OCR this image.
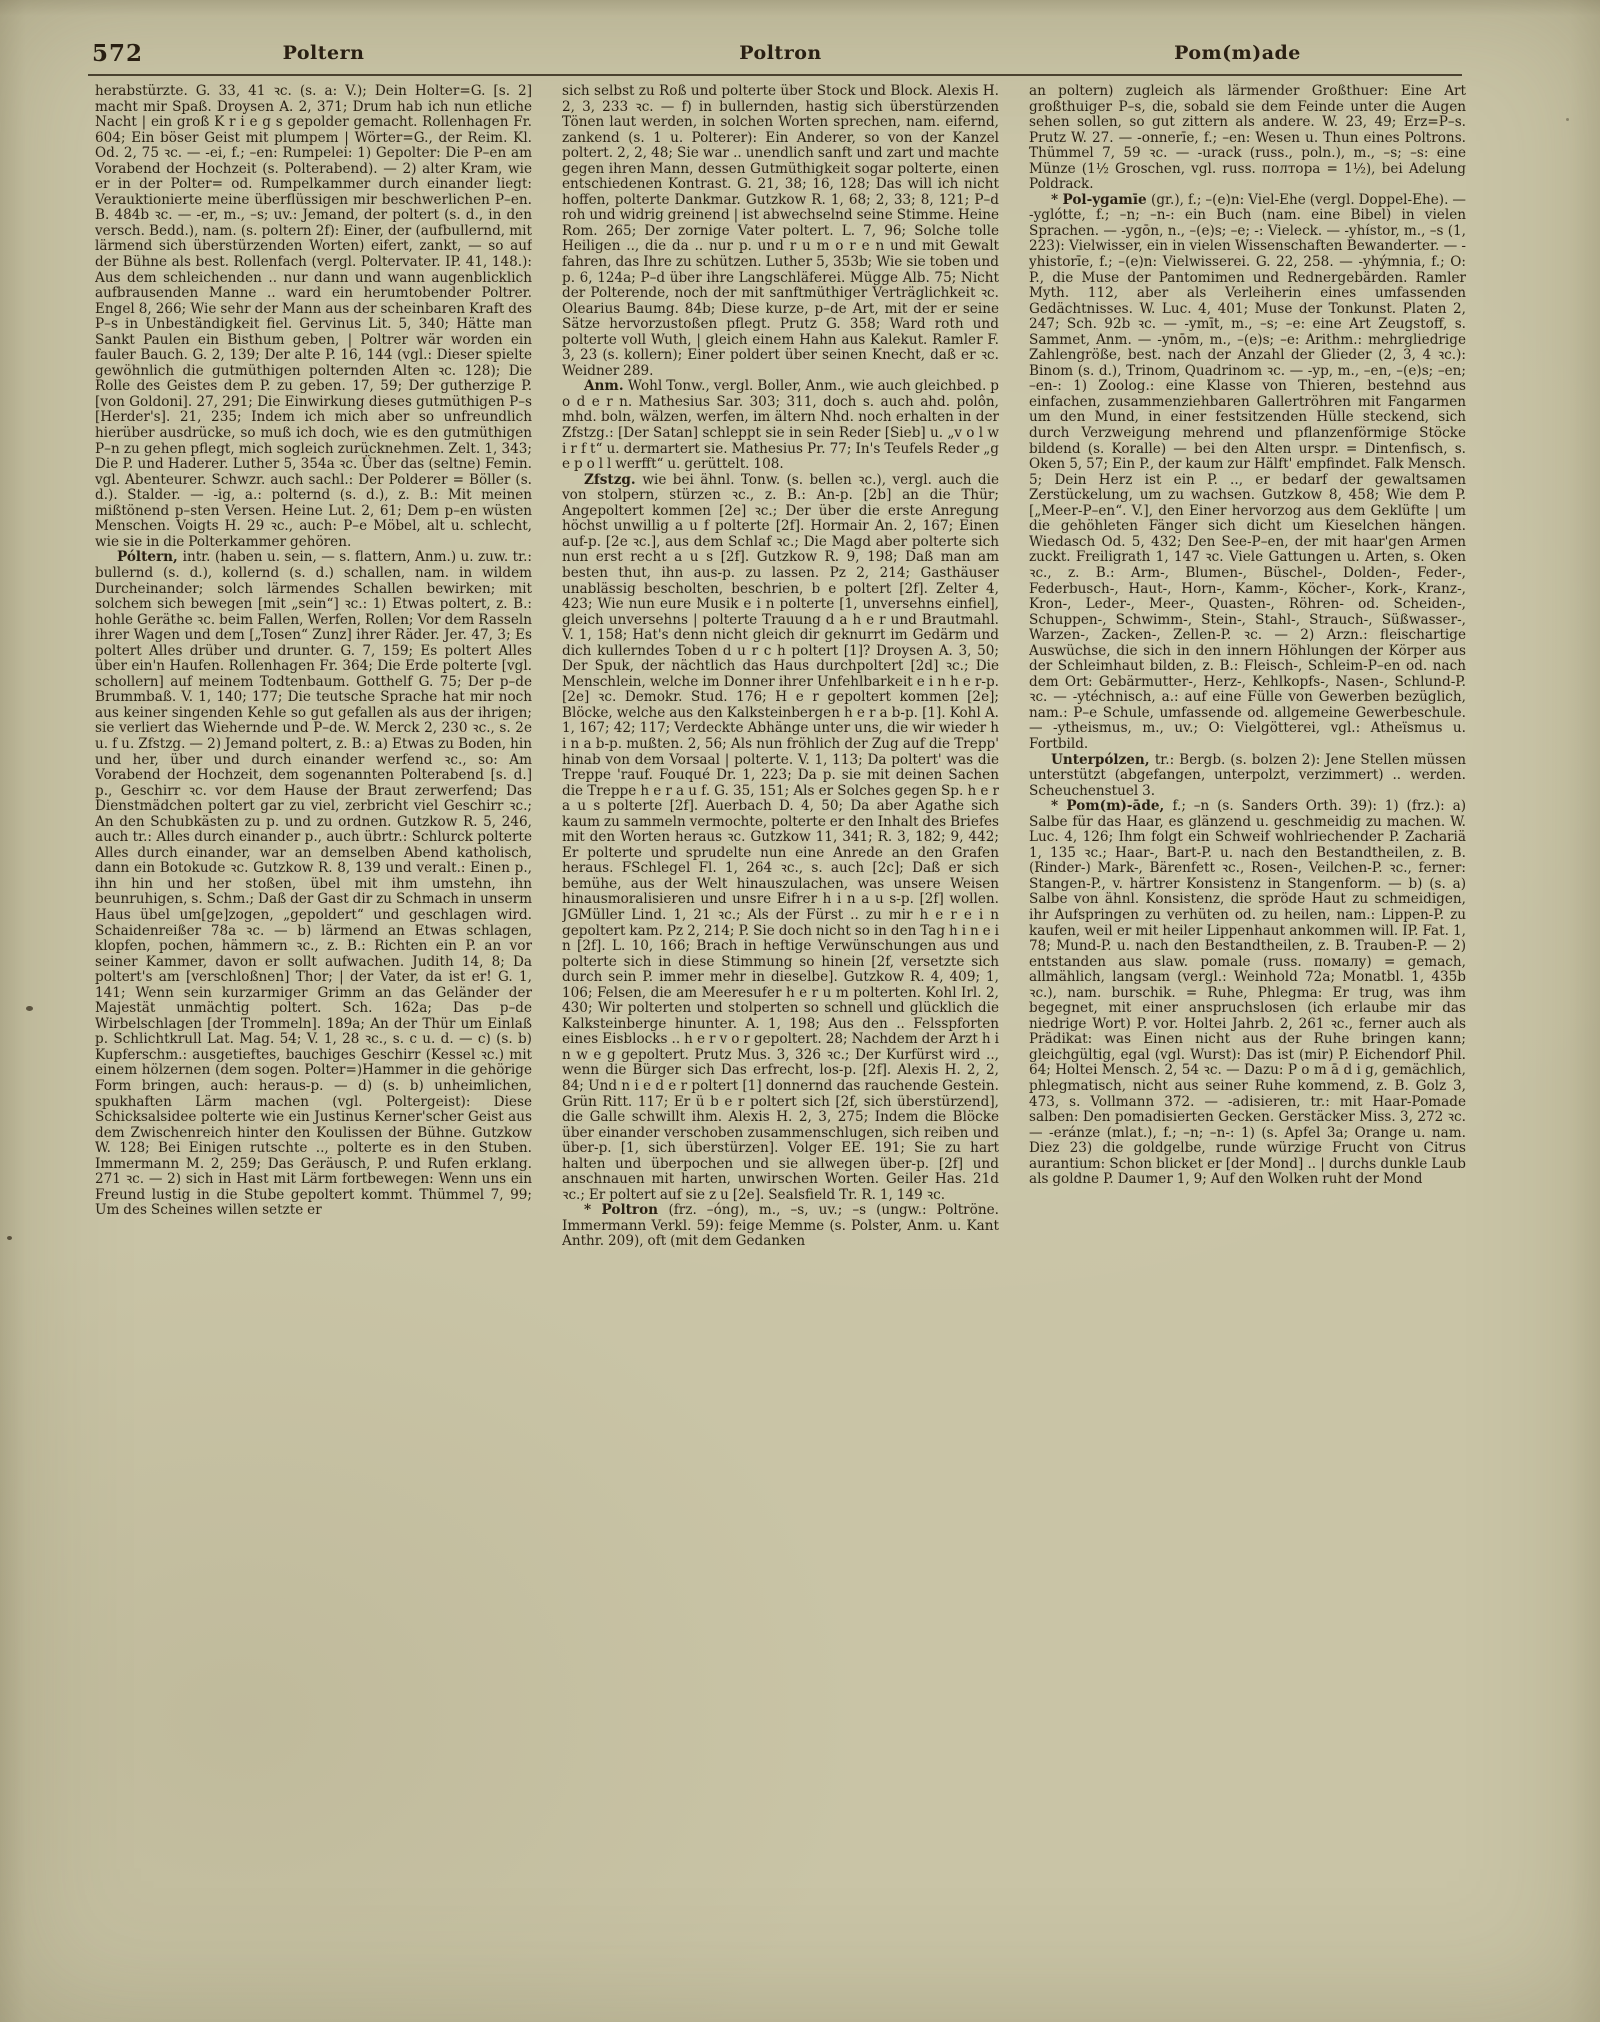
572	Poltern	Poltron	Pom(m)ade

herabstürzte. G. 33, 41 ꝛc. (s. a: V.); Dein Holter=G. [s. 2] macht mir Spaß. Droysen A. 2, 371; Drum hab ich nun etliche Nacht | ein groß K r i e g s gepolder gemacht. Rollenhagen Fr. 604; Ein böser Geist mit plumpem | Wörter=G., der Reim. Kl. Od. 2, 75 ꝛc. — -ei, f.; –en: Rumpelei: 1) Gepolter: Die P–en am Vorabend der Hochzeit (s. Polterabend). — 2) alter Kram, wie er in der Polter= od. Rumpelkammer durch einander liegt: Verauktionierte meine überflüssigen mir beschwerlichen P–en. B. 484b ꝛc. — -er, m., –s; uv.: Jemand, der poltert (s. d., in den versch. Bedd.), nam. (s. poltern 2f): Einer, der (aufbullernd, mit lärmend sich überstürzenden Worten) eifert, zankt, — so auf der Bühne als best. Rollenfach (vergl. Poltervater. IP. 41, 148.): Aus dem schleichenden .. nur dann und wann augenblicklich aufbrausenden Manne .. ward ein herumtobender Poltrer. Engel 8, 266; Wie sehr der Mann aus der scheinbaren Kraft des P–s in Unbeständigkeit fiel. Gervinus Lit. 5, 340; Hätte man Sankt Paulen ein Bisthum geben, | Poltrer wär worden ein fauler Bauch. G. 2, 139; Der alte P. 16, 144 (vgl.: Dieser spielte gewöhnlich die gutmüthigen polternden Alten ꝛc. 128); Die Rolle des Geistes dem P. zu geben. 17, 59; Der gutherzige P. [von Goldoni]. 27, 291; Die Einwirkung dieses gutmüthigen P–s [Herder's]. 21, 235; Indem ich mich aber so unfreundlich hierüber ausdrücke, so muß ich doch, wie es den gutmüthigen P–n zu gehen pflegt, mich sogleich zurücknehmen. Zelt. 1, 343; Die P. und Haderer. Luther 5, 354a ꝛc. Über das (seltne) Femin. vgl. Abenteurer. Schwzr. auch sachl.: Der Polderer = Böller (s. d.). Stalder. — -ig, a.: polternd (s. d.), z. B.: Mit meinen mißtönend p–sten Versen. Heine Lut. 2, 61; Dem p–en wüsten Menschen. Voigts H. 29 ꝛc., auch: P–e Möbel, alt u. schlecht, wie sie in die Polterkammer gehören.

Póltern, intr. (haben u. sein, — s. flattern, Anm.) u. zuw. tr.: bullernd (s. d.), kollernd (s. d.) schallen, nam. in wildem Durcheinander; solch lärmendes Schallen bewirken; mit solchem sich bewegen [mit „sein“] ꝛc.: 1) Etwas poltert, z. B.: hohle Geräthe ꝛc. beim Fallen, Werfen, Rollen; Vor dem Rasseln ihrer Wagen und dem [„Tosen“ Zunz] ihrer Räder. Jer. 47, 3; Es poltert Alles drüber und drunter. G. 7, 159; Es poltert Alles über ein'n Haufen. Rollenhagen Fr. 364; Die Erde polterte [vgl. schollern] auf meinem Todtenbaum. Gotthelf G. 75; Der p–de Brummbaß. V. 1, 140; 177; Die teutsche Sprache hat mir noch aus keiner singenden Kehle so gut gefallen als aus der ihrigen; sie verliert das Wiehernde und P–de. W. Merck 2, 230 ꝛc., s. 2e u. f u. Zfstzg. — 2) Jemand poltert, z. B.: a) Etwas zu Boden, hin und her, über und durch einander werfend ꝛc., so: Am Vorabend der Hochzeit, dem sogenannten Polterabend [s. d.] p., Geschirr ꝛc. vor dem Hause der Braut zerwerfend; Das Dienstmädchen poltert gar zu viel, zerbricht viel Geschirr ꝛc.; An den Schubkästen zu p. und zu ordnen. Gutzkow R. 5, 246, auch tr.: Alles durch einander p., auch übrtr.: Schlurck polterte Alles durch einander, war an demselben Abend katholisch, dann ein Botokude ꝛc. Gutzkow R. 8, 139 und veralt.: Einen p., ihn hin und her stoßen, übel mit ihm umstehn, ihn beunruhigen, s. Schm.; Daß der Gast dir zu Schmach in unserm Haus übel um[ge]zogen, „gepoldert“ und geschlagen wird. Schaidenreißer 78a ꝛc. — b) lärmend an Etwas schlagen, klopfen, pochen, hämmern ꝛc., z. B.: Richten ein P. an vor seiner Kammer, davon er sollt aufwachen. Judith 14, 8; Da poltert's am [verschloßnen] Thor; | der Vater, da ist er! G. 1, 141; Wenn sein kurzarmiger Grimm an das Geländer der Majestät unmächtig poltert. Sch. 162a; Das p–de Wirbelschlagen [der Trommeln]. 189a; An der Thür um Einlaß p. Schlichtkrull Lat. Mag. 54; V. 1, 28 ꝛc., s. c u. d. — c) (s. b) Kupferschm.: ausgetieftes, bauchiges Geschirr (Kessel ꝛc.) mit einem hölzernen (dem sogen. Polter=)Hammer in die gehörige Form bringen, auch: heraus-p. — d) (s. b) unheimlichen, spukhaften Lärm machen (vgl. Poltergeist): Diese Schicksalsidee polterte wie ein Justinus Kerner'scher Geist aus dem Zwischenreich hinter den Koulissen der Bühne. Gutzkow W. 128; Bei Einigen rutschte .., polterte es in den Stuben. Immermann M. 2, 259; Das Geräusch, P. und Rufen erklang. 271 ꝛc. — 2) sich in Hast mit Lärm fortbewegen: Wenn uns ein Freund lustig in die Stube gepoltert kommt. Thümmel 7, 99; Um des Scheines willen setzte er

sich selbst zu Roß und polterte über Stock und Block. Alexis H. 2, 3, 233 ꝛc. — f) in bullernden, hastig sich überstürzenden Tönen laut werden, in solchen Worten sprechen, nam. eifernd, zankend (s. 1 u. Polterer): Ein Anderer, so von der Kanzel poltert. 2, 2, 48; Sie war .. unendlich sanft und zart und machte gegen ihren Mann, dessen Gutmüthigkeit sogar polterte, einen entschiedenen Kontrast. G. 21, 38; 16, 128; Das will ich nicht hoffen, polterte Dankmar. Gutzkow R. 1, 68; 2, 33; 8, 121; P–d roh und widrig greinend | ist abwechselnd seine Stimme. Heine Rom. 265; Der zornige Vater poltert. L. 7, 96; Solche tolle Heiligen .., die da .. nur p. und r u m o r e n und mit Gewalt fahren, das Ihre zu schützen. Luther 5, 353b; Wie sie toben und p. 6, 124a; P–d über ihre Langschläferei. Mügge Alb. 75; Nicht der Polterende, noch der mit sanftmüthiger Verträglichkeit ꝛc. Olearius Baumg. 84b; Diese kurze, p–de Art, mit der er seine Sätze hervorzustoßen pflegt. Prutz G. 358; Ward roth und polterte voll Wuth, | gleich einem Hahn aus Kalekut. Ramler F. 3, 23 (s. kollern); Einer poldert über seinen Knecht, daß er ꝛc. Weidner 289.

Anm. Wohl Tonw., vergl. Boller, Anm., wie auch gleichbed. p o d e r n. Mathesius Sar. 303; 311, doch s. auch ahd. polôn, mhd. boln, wälzen, werfen, im ältern Nhd. noch erhalten in der Zfstzg.: [Der Satan] schleppt sie in sein Reder [Sieb] u. „v o l w i r f t“ u. dermartert sie. Mathesius Pr. 77; In's Teufels Reder „g e p o l l werfft“ u. gerüttelt. 108.

Zfstzg. wie bei ähnl. Tonw. (s. bellen ꝛc.), vergl. auch die von stolpern, stürzen ꝛc., z. B.: An-p. [2b] an die Thür; Angepoltert kommen [2e] ꝛc.; Der über die erste Anregung höchst unwillig a u f polterte [2f]. Hormair An. 2, 167; Einen auf-p. [2e ꝛc.], aus dem Schlaf ꝛc.; Die Magd aber polterte sich nun erst recht a u s [2f]. Gutzkow R. 9, 198; Daß man am besten thut, ihn aus-p. zu lassen. Pz 2, 214; Gasthäuser unablässig bescholten, beschrien, b e poltert [2f]. Zelter 4, 423; Wie nun eure Musik e i n polterte [1, unversehns einfiel], gleich unversehns | polterte Trauung d a h e r und Brautmahl. V. 1, 158; Hat's denn nicht gleich dir geknurrt im Gedärm und dich kullerndes Toben d u r c h poltert [1]? Droysen A. 3, 50; Der Spuk, der nächtlich das Haus durchpoltert [2d] ꝛc.; Die Menschlein, welche im Donner ihrer Unfehlbarkeit e i n h e r-p. [2e] ꝛc. Demokr. Stud. 176; H e r gepoltert kommen [2e]; Blöcke, welche aus den Kalksteinbergen h e r a b-p. [1]. Kohl A. 1, 167; 42; 117; Verdeckte Abhänge unter uns, die wir wieder h i n a b-p. mußten. 2, 56; Als nun fröhlich der Zug auf die Trepp' hinab von dem Vorsaal | polterte. V. 1, 113; Da poltert' was die Treppe 'rauf. Fouqué Dr. 1, 223; Da p. sie mit deinen Sachen die Treppe h e r a u f. G. 35, 151; Als er Solches gegen Sp. h e r a u s polterte [2f]. Auerbach D. 4, 50; Da aber Agathe sich kaum zu sammeln vermochte, polterte er den Inhalt des Briefes mit den Worten heraus ꝛc. Gutzkow 11, 341; R. 3, 182; 9, 442; Er polterte und sprudelte nun eine Anrede an den Grafen heraus. FSchlegel Fl. 1, 264 ꝛc., s. auch [2c]; Daß er sich bemühe, aus der Welt hinauszulachen, was unsere Weisen hinausmoralisieren und unsre Eifrer h i n a u s-p. [2f] wollen. JGMüller Lind. 1, 21 ꝛc.; Als der Fürst .. zu mir h e r e i n gepoltert kam. Pz 2, 214; P. Sie doch nicht so in den Tag h i n e i n [2f]. L. 10, 166; Brach in heftige Verwünschungen aus und polterte sich in diese Stimmung so hinein [2f, versetzte sich durch sein P. immer mehr in dieselbe]. Gutzkow R. 4, 409; 1, 106; Felsen, die am Meeresufer h e r u m polterten. Kohl Irl. 2, 430; Wir polterten und stolperten so schnell und glücklich die Kalksteinberge hinunter. A. 1, 198; Aus den .. Felsspforten eines Eisblocks .. h e r v o r gepoltert. 28; Nachdem der Arzt h i n w e g gepoltert. Prutz Mus. 3, 326 ꝛc.; Der Kurfürst wird .., wenn die Bürger sich Das erfrecht, los-p. [2f]. Alexis H. 2, 2, 84; Und n i e d e r poltert [1] donnernd das rauchende Gestein. Grün Ritt. 117; Er ü b e r poltert sich [2f, sich überstürzend], die Galle schwillt ihm. Alexis H. 2, 3, 275; Indem die Blöcke über einander verschoben zusammenschlugen, sich reiben und über-p. [1, sich überstürzen]. Volger EE. 191; Sie zu hart halten und überpochen und sie allwegen über-p. [2f] und anschnauen mit harten, unwirschen Worten. Geiler Has. 21d ꝛc.; Er poltert auf sie z u [2e]. Sealsfield Tr. R. 1, 149 ꝛc.

* Poltron (frz. –óng), m., –s, uv.; –s (ungw.: Poltröne. Immermann Verkl. 59): feige Memme (s. Polster, Anm. u. Kant Anthr. 209), oft (mit dem Gedanken

an poltern) zugleich als lärmender Großthuer: Eine Art großthuiger P–s, die, sobald sie dem Feinde unter die Augen sehen sollen, so gut zittern als andere. W. 23, 49; Erz=P–s. Prutz W. 27. — -onnerīe, f.; –en: Wesen u. Thun eines Poltrons. Thümmel 7, 59 ꝛc. — -urack (russ., poln.), m., –s; –s: eine Münze (1½ Groschen, vgl. russ. полтора = 1½), bei Adelung Poldrack.

* Pol-ygamīe (gr.), f.; –(e)n: Viel-Ehe (vergl. Doppel-Ehe). — -yglótte, f.; –n; –n-: ein Buch (nam. eine Bibel) in vielen Sprachen. — -ygōn, n., –(e)s; –e; -: Vieleck. — -yhístor, m., –s (1, 223): Vielwisser, ein in vielen Wissenschaften Bewanderter. — -yhistorīe, f.; –(e)n: Vielwisserei. G. 22, 258. — -yhýmnia, f.; O: P., die Muse der Pantomimen und Rednergebärden. Ramler Myth. 112, aber als Verleiherin eines umfassenden Gedächtnisses. W. Luc. 4, 401; Muse der Tonkunst. Platen 2, 247; Sch. 92b ꝛc. — -ymīt, m., –s; –e: eine Art Zeugstoff, s. Sammet, Anm. — -ynōm, m., –(e)s; –e: Arithm.: mehrgliedrige Zahlengröße, best. nach der Anzahl der Glieder (2, 3, 4 ꝛc.): Binom (s. d.), Trinom, Quadrinom ꝛc. — -yp, m., –en, –(e)s; –en; –en-: 1) Zoolog.: eine Klasse von Thieren, bestehnd aus einfachen, zusammenziehbaren Gallertröhren mit Fangarmen um den Mund, in einer festsitzenden Hülle steckend, sich durch Verzweigung mehrend und pflanzenförmige Stöcke bildend (s. Koralle) — bei den Alten urspr. = Dintenfisch, s. Oken 5, 57; Ein P., der kaum zur Hälft' empfindet. Falk Mensch. 5; Dein Herz ist ein P. .., er bedarf der gewaltsamen Zerstückelung, um zu wachsen. Gutzkow 8, 458; Wie dem P. [„Meer-P–en“. V.], den Einer hervorzog aus dem Geklüfte | um die gehöhleten Fänger sich dicht um Kieselchen hängen. Wiedasch Od. 5, 432; Den See-P–en, der mit haar'gen Armen zuckt. Freiligrath 1, 147 ꝛc. Viele Gattungen u. Arten, s. Oken ꝛc., z. B.: Arm-, Blumen-, Büschel-, Dolden-, Feder-, Federbusch-, Haut-, Horn-, Kamm-, Köcher-, Kork-, Kranz-, Kron-, Leder-, Meer-, Quasten-, Röhren- od. Scheiden-, Schuppen-, Schwimm-, Stein-, Stahl-, Strauch-, Süßwasser-, Warzen-, Zacken-, Zellen-P. ꝛc. — 2) Arzn.: fleischartige Auswüchse, die sich in den innern Höhlungen der Körper aus der Schleimhaut bilden, z. B.: Fleisch-, Schleim-P–en od. nach dem Ort: Gebärmutter-, Herz-, Kehlkopfs-, Nasen-, Schlund-P. ꝛc. — -ytéchnisch, a.: auf eine Fülle von Gewerben bezüglich, nam.: P–e Schule, umfassende od. allgemeine Gewerbeschule. — -ytheismus, m., uv.; O: Vielgötterei, vgl.: Atheïsmus u. Fortbild.

Unterpólzen, tr.: Bergb. (s. bolzen 2): Jene Stellen müssen unterstützt (abgefangen, unterpolzt, verzimmert) .. werden. Scheuchenstuel 3.

* Pom(m)-āde, f.; –n (s. Sanders Orth. 39): 1) (frz.): a) Salbe für das Haar, es glänzend u. geschmeidig zu machen. W. Luc. 4, 126; Ihm folgt ein Schweif wohlriechender P. Zachariä 1, 135 ꝛc.; Haar-, Bart-P. u. nach den Bestandtheilen, z. B. (Rinder-) Mark-, Bärenfett ꝛc., Rosen-, Veilchen-P. ꝛc., ferner: Stangen-P., v. härtrer Konsistenz in Stangenform. — b) (s. a) Salbe von ähnl. Konsistenz, die spröde Haut zu schmeidigen, ihr Aufspringen zu verhüten od. zu heilen, nam.: Lippen-P. zu kaufen, weil er mit heiler Lippenhaut ankommen will. IP. Fat. 1, 78; Mund-P. u. nach den Bestandtheilen, z. B. Trauben-P. — 2) entstanden aus slaw. pomale (russ. помалу) = gemach, allmählich, langsam (vergl.: Weinhold 72a; Monatbl. 1, 435b ꝛc.), nam. burschik. = Ruhe, Phlegma: Er trug, was ihm begegnet, mit einer anspruchslosen (ich erlaube mir das niedrige Wort) P. vor. Holtei Jahrb. 2, 261 ꝛc., ferner auch als Prädikat: was Einen nicht aus der Ruhe bringen kann; gleichgültig, egal (vgl. Wurst): Das ist (mir) P. Eichendorf Phil. 64; Holtei Mensch. 2, 54 ꝛc. — Dazu: P o m ā d i g, gemächlich, phlegmatisch, nicht aus seiner Ruhe kommend, z. B. Golz 3, 473, s. Vollmann 372. — -adisieren, tr.: mit Haar-Pomade salben: Den pomadisierten Gecken. Gerstäcker Miss. 3, 272 ꝛc. — -eránze (mlat.), f.; –n; –n-: 1) (s. Apfel 3a; Orange u. nam. Diez 23) die goldgelbe, runde würzige Frucht von Citrus aurantium: Schon blicket er [der Mond] .. | durchs dunkle Laub als goldne P. Daumer 1, 9; Auf den Wolken ruht der Mond
